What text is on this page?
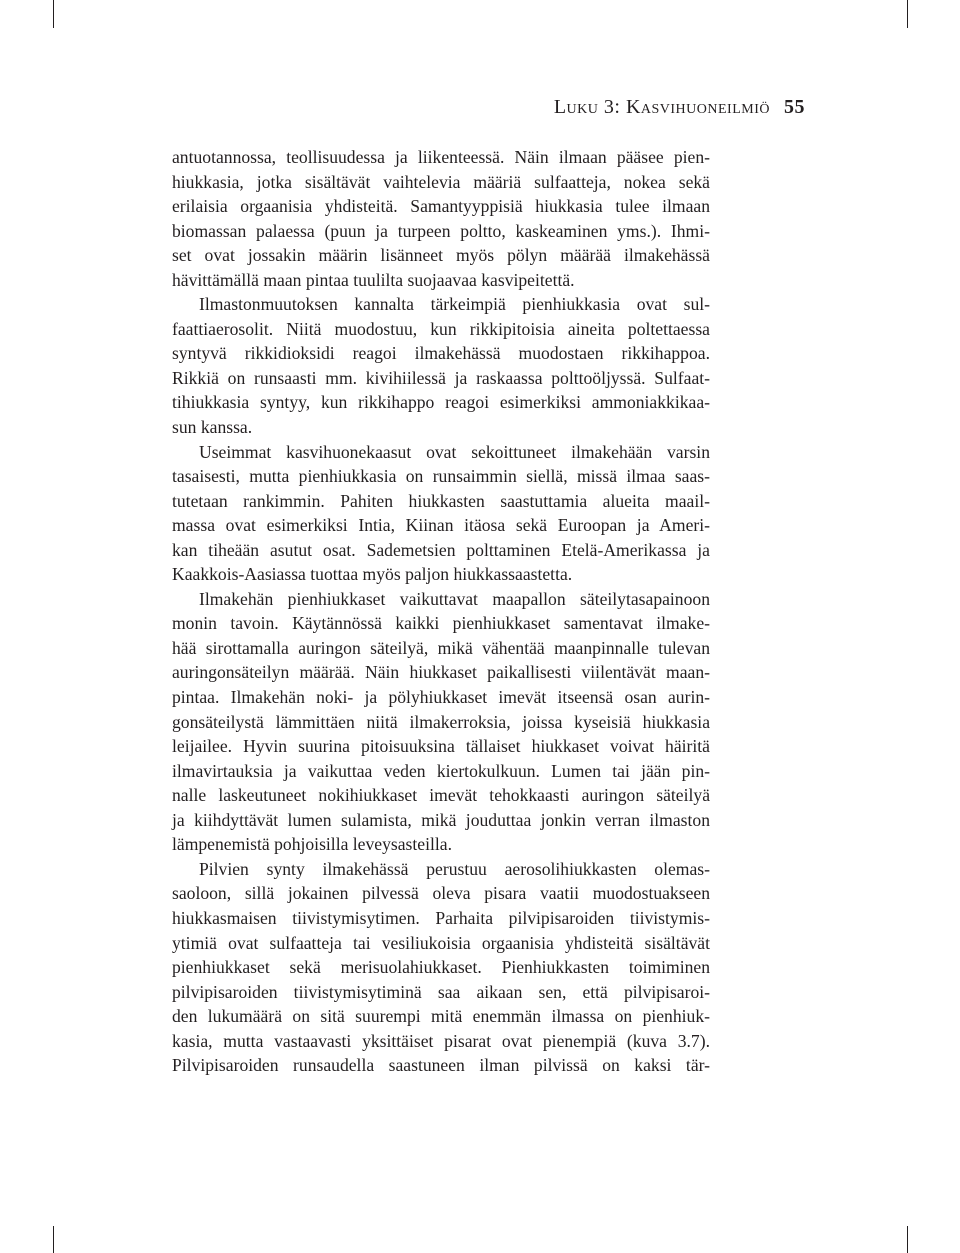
Luku 3: Kasvihuoneilmiö 55
antuotannossa, teollisuudessa ja liikenteessä. Näin ilmaan pääsee pien-
hiukkasia, jotka sisältävät vaihtelevia määriä sulfaatteja, nokea sekä
erilaisia orgaanisia yhdisteitä. Samantyyppisiä hiukkasia tulee ilmaan
biomassan palaessa (puun ja turpeen poltto, kaskeaminen yms.). Ihmi-
set ovat jossakin määrin lisänneet myös pölyn määrää ilmakehässä
hävittämällä maan pintaa tuulilta suojaavaa kasvipeitettä.
Ilmastonmuutoksen kannalta tärkeimpiä pienhiukkasia ovat sul-
faattiaerosolit. Niitä muodostuu, kun rikkipitoisia aineita poltettaessa
syntyvä rikkidioksidi reagoi ilmakehässä muodostaen rikkihappoa.
Rikkiä on runsaasti mm. kivihiilessä ja raskaassa polttoöljyssä. Sulfaat-
tihiukkasia syntyy, kun rikkihappo reagoi esimerkiksi ammoniakkikaa-
sun kanssa.
Useimmat kasvihuonekaasut ovat sekoittuneet ilmakehään varsin
tasaisesti, mutta pienhiukkasia on runsaimmin siellä, missä ilmaa saas-
tutetaan rankimmin. Pahiten hiukkasten saastuttamia alueita maail-
massa ovat esimerkiksi Intia, Kiinan itäosa sekä Euroopan ja Ameri-
kan tiheään asutut osat. Sademetsien polttaminen Etelä-Amerikassa ja
Kaakkois-Aasiassa tuottaa myös paljon hiukkassaastetta.
Ilmakehän pienhiukkaset vaikuttavat maapallon säteilytasapainoon
monin tavoin. Käytännössä kaikki pienhiukkaset samentavat ilmake-
hää sirottamalla auringon säteilyä, mikä vähentää maanpinnalle tulevan
auringonsäteilyn määrää. Näin hiukkaset paikallisesti viilentävät maan-
pintaa. Ilmakehän noki- ja pölyhiukkaset imevät itseensä osan aurin-
gonsäteilystä lämmittäen niitä ilmakerroksia, joissa kyseisiä hiukkasia
leijailee. Hyvin suurina pitoisuuksina tällaiset hiukkaset voivat häiritä
ilmavirtauksia ja vaikuttaa veden kiertokulkuun. Lumen tai jään pin-
nalle laskeutuneet nokihiukkaset imevät tehokkaasti auringon säteilyä
ja kiihdyttävät lumen sulamista, mikä jouduttaa jonkin verran ilmaston
lämpenemistä pohjoisilla leveysasteilla.
Pilvien synty ilmakehässä perustuu aerosolihiukkasten olemas-
saoloon, sillä jokainen pilvessä oleva pisara vaatii muodostuakseen
hiukkasmaisen tiivistymisytimen. Parhaita pilvipisaroiden tiivistymis-
ytimiä ovat sulfaatteja tai vesiliukoisia orgaanisia yhdisteitä sisältävät
pienhiukkaset sekä merisuolahiukkaset. Pienhiukkasten toimiminen
pilvipisaroiden tiivistymisytiminä saa aikaan sen, että pilvipisaroi-
den lukumäärä on sitä suurempi mitä enemmän ilmassa on pienhiuk-
kasia, mutta vastaavasti yksittäiset pisarat ovat pienempiä (kuva 3.7).
Pilvipisaroiden runsaudella saastuneen ilman pilvissä on kaksi tär-
